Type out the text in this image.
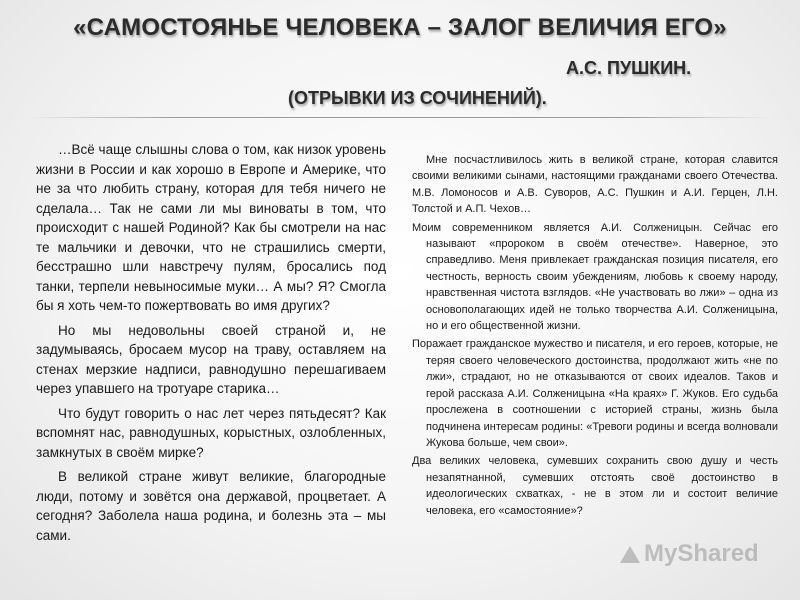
«САМОСТОЯНЬЕ ЧЕЛОВЕКА – ЗАЛОГ ВЕЛИЧИЯ ЕГО»
А.С. ПУШКИН.
(ОТРЫВКИ ИЗ СОЧИНЕНИЙ).

…Всё чаще слышны слова о том, как низок уровень жизни в России и как хорошо в Европе и Америке, что не за что любить страну, которая для тебя ничего не сделала… Так не сами ли мы виноваты в том, что происходит с нашей Родиной? Как бы смотрели на нас те мальчики и девочки, что не страшились смерти, бесстрашно шли навстречу пулям, бросались под танки, терпели невыносимые муки… А мы? Я? Смогла бы я хоть чем-то пожертвовать во имя других?

Но мы недовольны своей страной и, не задумываясь, бросаем мусор на траву, оставляем на стенах мерзкие надписи, равнодушно перешагиваем через упавшего на тротуаре старика…

Что будут говорить о нас лет через пятьдесят? Как вспомнят нас, равнодушных, корыстных, озлобленных, замкнутых в своём мирке?

В великой стране живут великие, благородные люди, потому и зовётся она державой, процветает. А сегодня? Заболела наша родина, и болезнь эта – мы сами.

Мне посчастливилось жить в великой стране, которая славится своими великими сынами, настоящими гражданами своего Отечества. М.В. Ломоносов и А.В. Суворов, А.С. Пушкин и А.И. Герцен, Л.Н. Толстой и А.П. Чехов…

Моим современником является А.И. Солженицын. Сейчас его называют «пророком в своём отечестве». Наверное, это справедливо. Меня привлекает гражданская позиция писателя, его честность, верность своим убеждениям, любовь к своему народу, нравственная чистота взглядов. «Не участвовать во лжи» – одна из основополагающих идей не только творчества А.И. Солженицына, но и его общественной жизни.

Поражает гражданское мужество и писателя, и его героев, которые, не теряя своего человеческого достоинства, продолжают жить «не по лжи», страдают, но не отказываются от своих идеалов. Таков и герой рассказа А.И. Солженицына «На краях» Г. Жуков. Его судьба прослежена в соотношении с историей страны, жизнь была подчинена интересам родины: «Тревоги родины и всегда волновали Жукова больше, чем свои».

Два великих человека, сумевших сохранить свою душу и честь незапятнанной, сумевших отстоять своё достоинство в идеологических схватках, - не в этом ли и состоит величие человека, его «самостояние»?

MyShared
